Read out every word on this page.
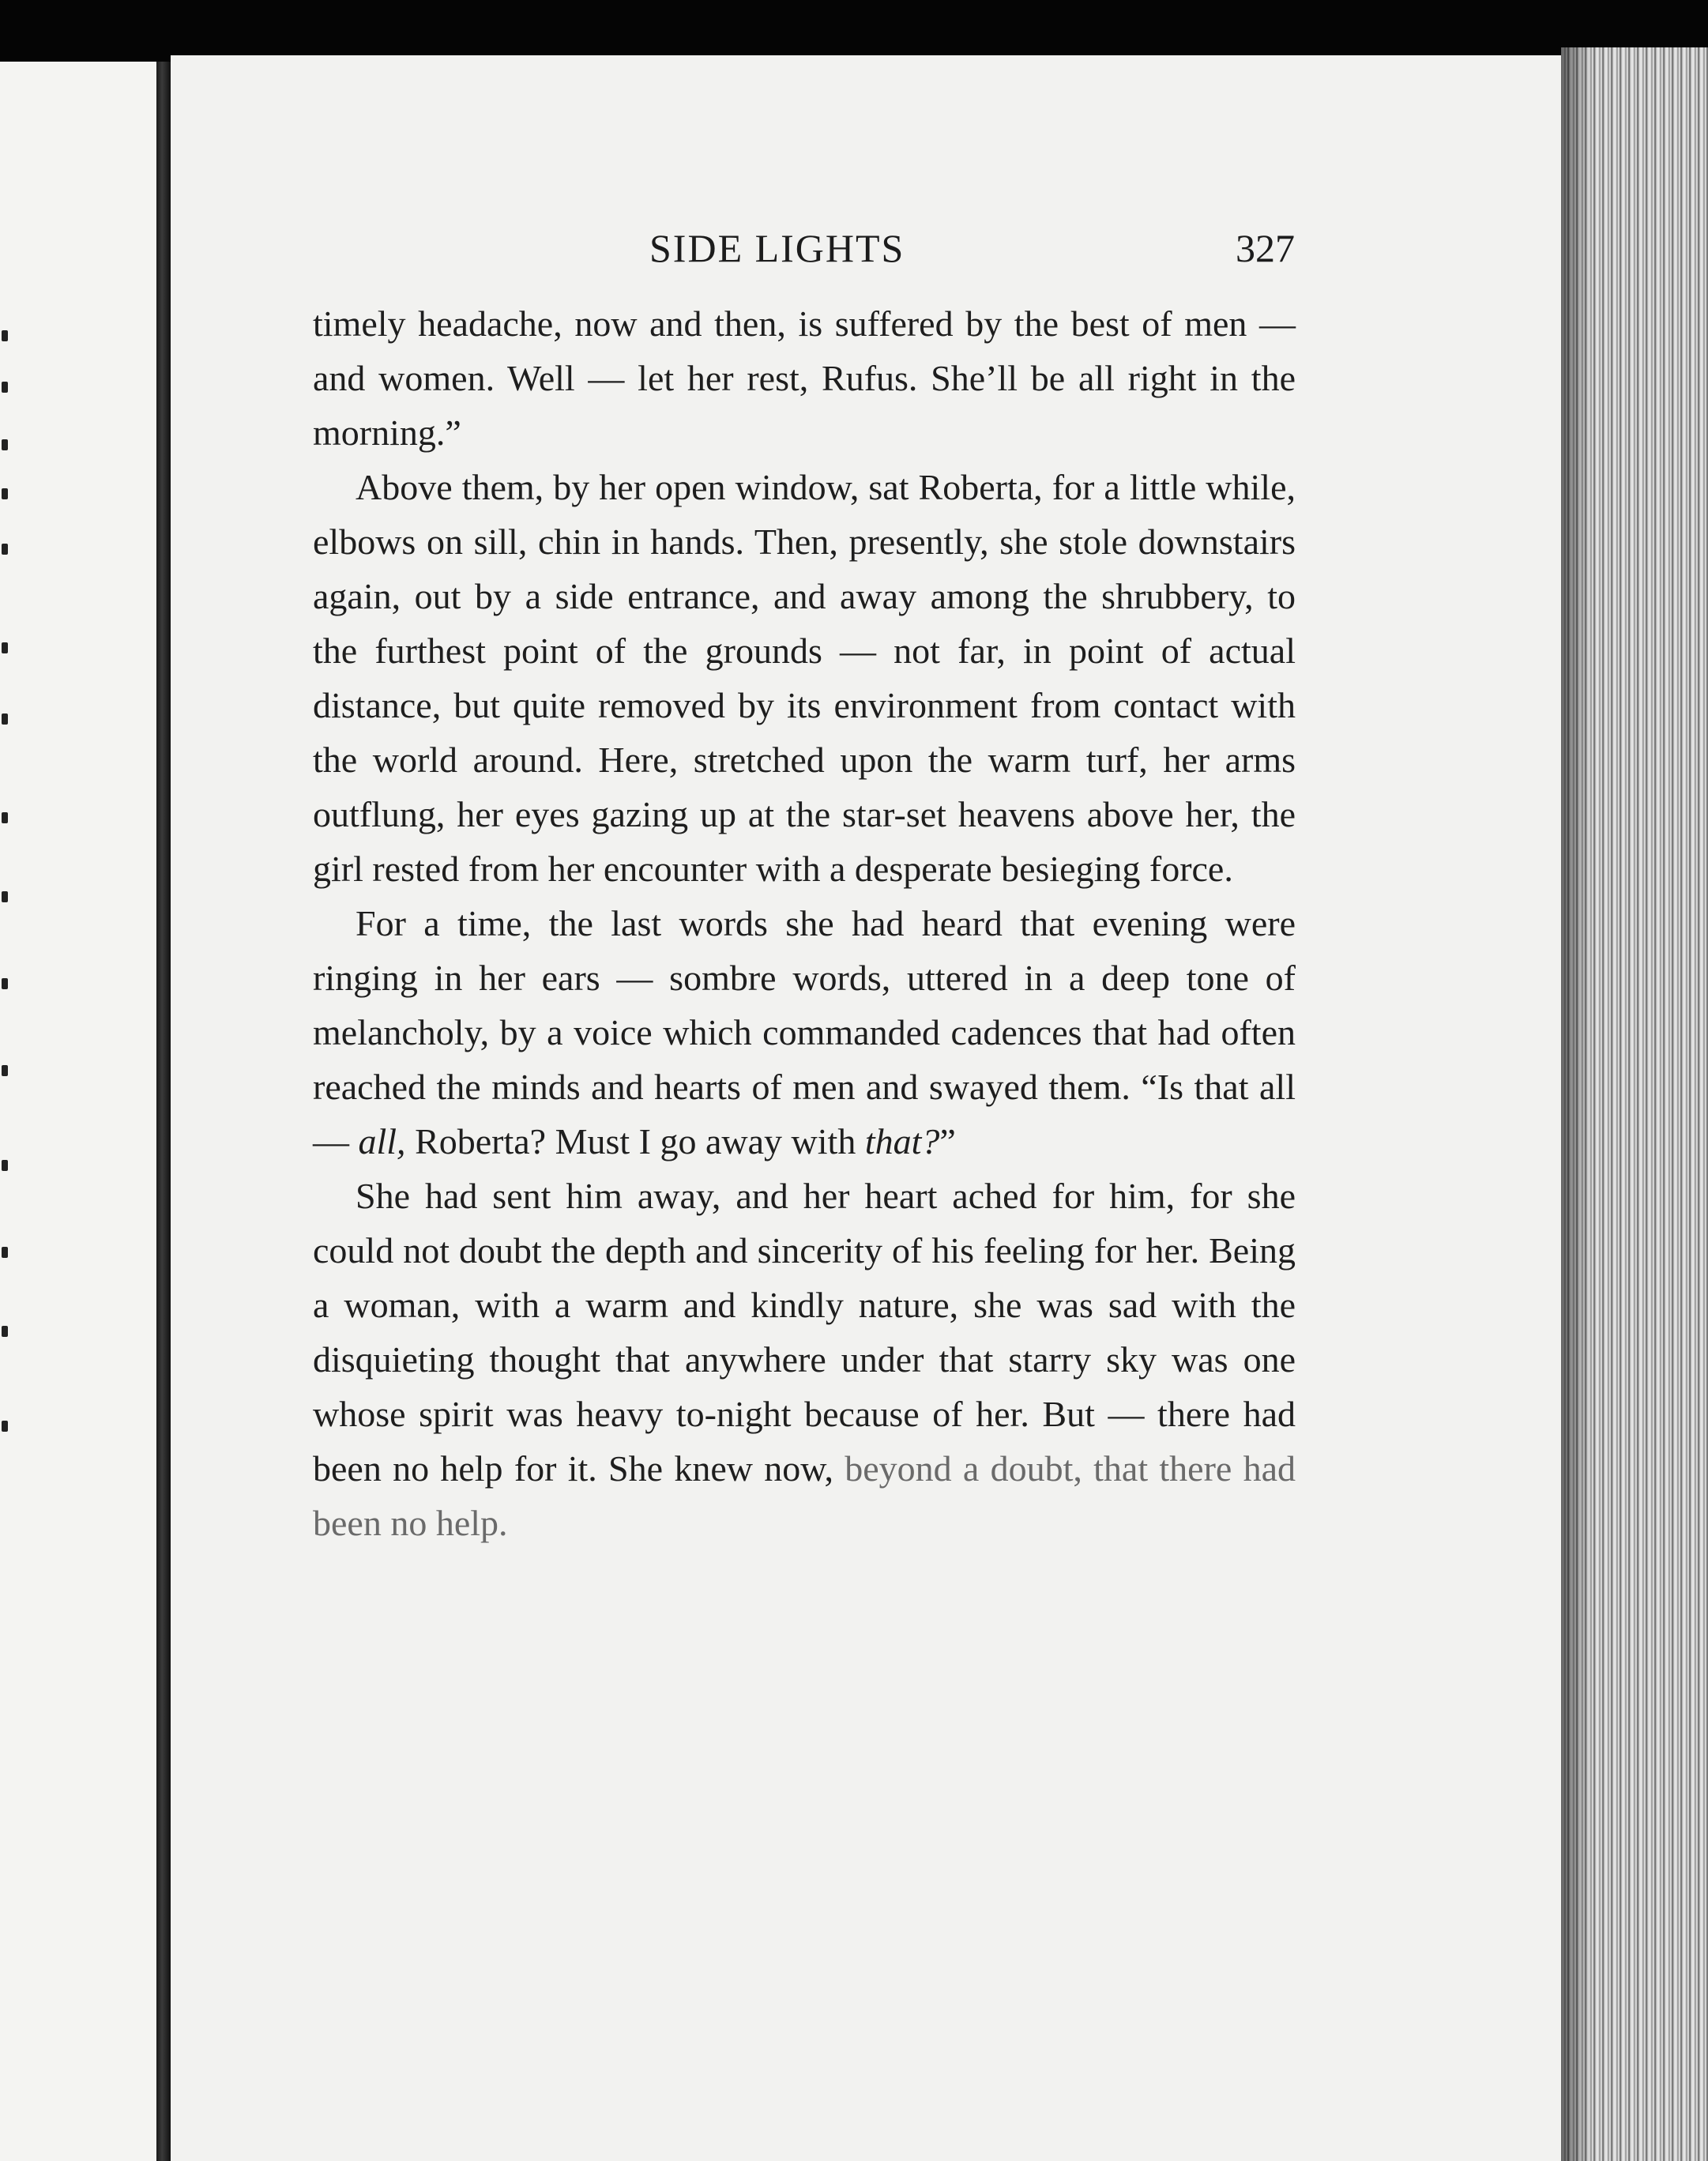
SIDE LIGHTS	327

timely headache, now and then, is suffered by the best of men — and women. Well — let her rest, Rufus. She’ll be all right in the morning.”

Above them, by her open window, sat Roberta, for a little while, elbows on sill, chin in hands. Then, presently, she stole downstairs again, out by a side entrance, and away among the shrubbery, to the furthest point of the grounds — not far, in point of actual distance, but quite removed by its environment from contact with the world around. Here, stretched upon the warm turf, her arms outflung, her eyes gazing up at the star-set heavens above her, the girl rested from her encounter with a desperate besieging force.

For a time, the last words she had heard that evening were ringing in her ears — sombre words, uttered in a deep tone of melancholy, by a voice which commanded cadences that had often reached the minds and hearts of men and swayed them. “Is that all — all, Roberta? Must I go away with that?”

She had sent him away, and her heart ached for him, for she could not doubt the depth and sincerity of his feeling for her. Being a woman, with a warm and kindly nature, she was sad with the disquieting thought that anywhere under that starry sky was one whose spirit was heavy to-night because of her. But — there had been no help for it. She knew now, beyond a doubt, that there had been no help.
